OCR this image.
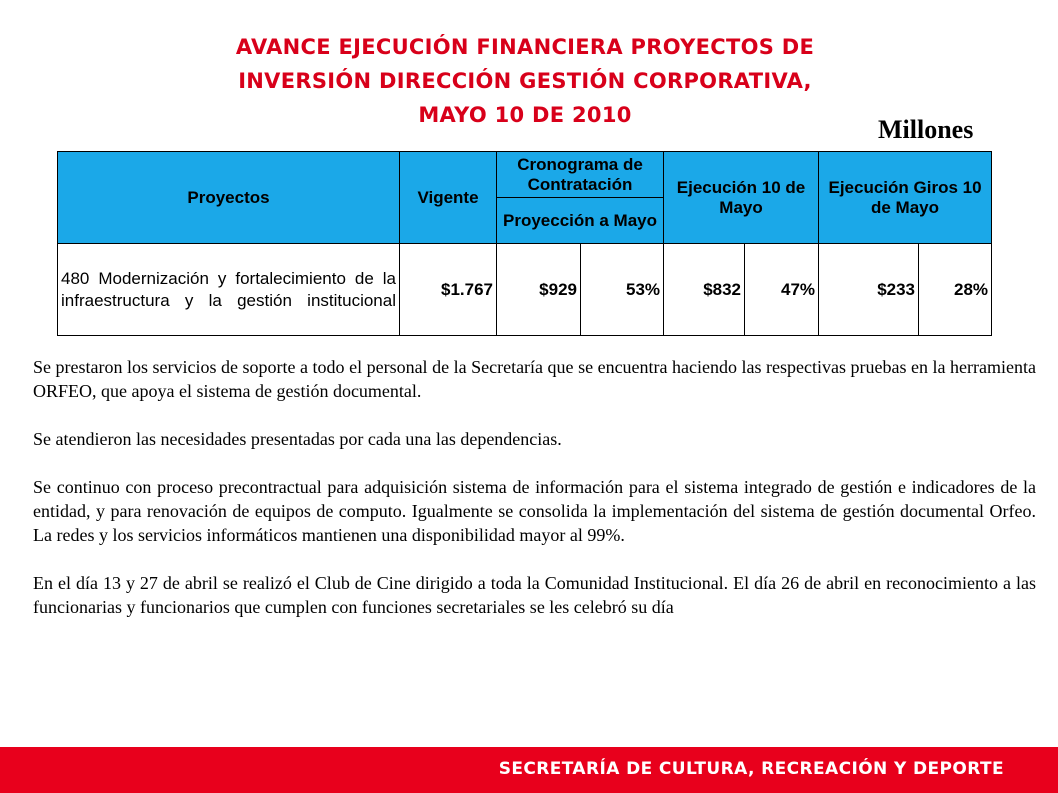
AVANCE EJECUCIÓN FINANCIERA PROYECTOS DE
INVERSIÓN DIRECCIÓN GESTIÓN CORPORATIVA,
MAYO 10 DE 2010	Millones
Proyectos	Vigente	Cronograma de Contratación		Ejecución 10 de Mayo		Ejecución Giros 10 de Mayo	
		Proyección a Mayo					
480 Modernización y fortalecimiento de la infraestructura y la gestión institucional	$1.767	$929	53%	$832	47%	$233	28%

Se prestaron los servicios de soporte a todo el personal de la Secretaría que se encuentra haciendo las respectivas pruebas en la herramienta ORFEO, que apoya el sistema de gestión documental.

Se atendieron las necesidades presentadas por cada una las dependencias.

Se continuo con proceso precontractual para adquisición sistema de información para el sistema integrado de gestión e indicadores de la entidad, y para renovación de equipos de computo. Igualmente se consolida la implementación del sistema de gestión documental Orfeo. La redes y los servicios informáticos mantienen una disponibilidad mayor al 99%.

En el día 13 y 27 de abril se realizó el Club de Cine dirigido a toda la Comunidad Institucional. El día 26 de abril en reconocimiento a las funcionarias y funcionarios que cumplen con funciones secretariales se les celebró su día

SECRETARÍA DE CULTURA, RECREACIÓN Y DEPORTE
